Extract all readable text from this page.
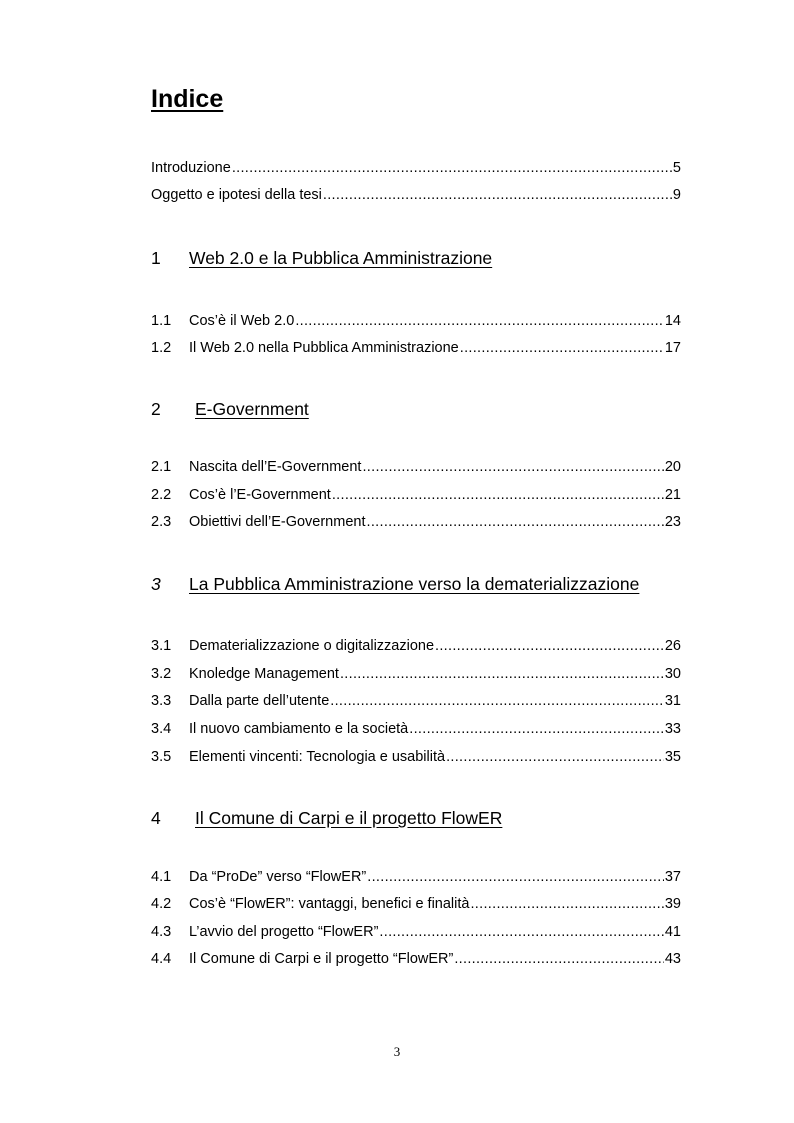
Indice
Introduzione .....	5
Oggetto e ipotesi della tesi .....	9
1	Web 2.0 e la Pubblica Amministrazione
1.1	Cos’è il Web 2.0 .....	14
1.2	Il Web 2.0 nella Pubblica Amministrazione .....	17
2	E-Government
2.1	Nascita dell’E-Government .....	20
2.2	Cos’è l’E-Government .....	21
2.3	Obiettivi dell’E-Government .....	23
3	La Pubblica Amministrazione verso la dematerializzazione
3.1	Dematerializzazione o digitalizzazione .....	26
3.2	Knoledge Management .....	30
3.3	Dalla parte dell’utente .....	31
3.4	Il nuovo cambiamento e la società .....	33
3.5	Elementi vincenti: Tecnologia e usabilità .....	35
4	Il Comune di Carpi e il progetto FlowER
4.1	Da “ProDe” verso “FlowER” .....	37
4.2	Cos’è “FlowER”: vantaggi, benefici e finalità .....	39
4.3	L’avvio del progetto “FlowER” .....	41
4.4	Il Comune di Carpi e il progetto “FlowER” .....	43
3
